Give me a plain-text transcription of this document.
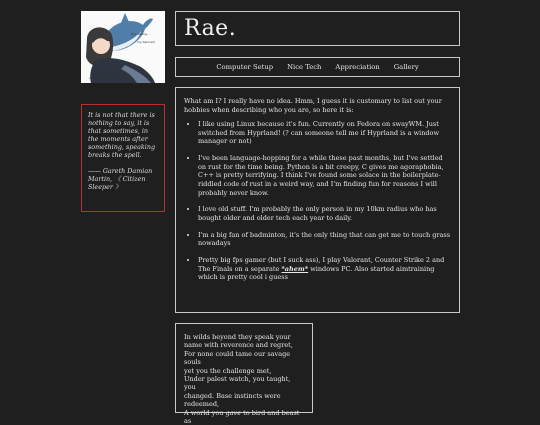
the lifeling...
my beloved
shanky friend :3
cute girls love the lifeling

It is not that there is nothing to say, it is that sometimes, in the moments after something, speaking breaks the spell.

—— Gareth Damian Martin, 《 Citizen Sleeper 》

Rae.
Computer Setup Nice Tech Appreciation Gallery

What am I? I really have no idea. Hmm, I guess it is customary to list out your hobbies when describing who you are, so here it is:

• I like using Linux because it's fun. Currently on Fedora on swayWM. Just switched from Hyprland! (? can someone tell me if Hyprland is a window manager or not)
• I've been language-hopping for a while these past months, but I've settled on rust for the time being. Python is a bit creepy, C gives me agoraphobia, C++ is pretty terrifying. I think I've found some solace in the boilerplate-riddled code of rust in a weird way, and I'm finding fun for reasons I will probably never know.
• I love old stuff. I'm probably the only person in my 10km radius who has bought older and older tech each year to daily.
• I'm a big fan of badminton, it's the only thing that can get me to touch grass nowadays
• Pretty big fps gamer (but I suck ass), I play Valorant, Counter Strike 2 and The Finals on a separate *ahem* windows PC. Also started aimtraining which is pretty cool i guess

In wilds beyond they speak your

name with reverence and regret,

For none could tame our savage souls

yet you the challenge met,

Under palest watch, you taught, you

changed. Base instincts were

redeemed,

A world you gave to bird and beast as
